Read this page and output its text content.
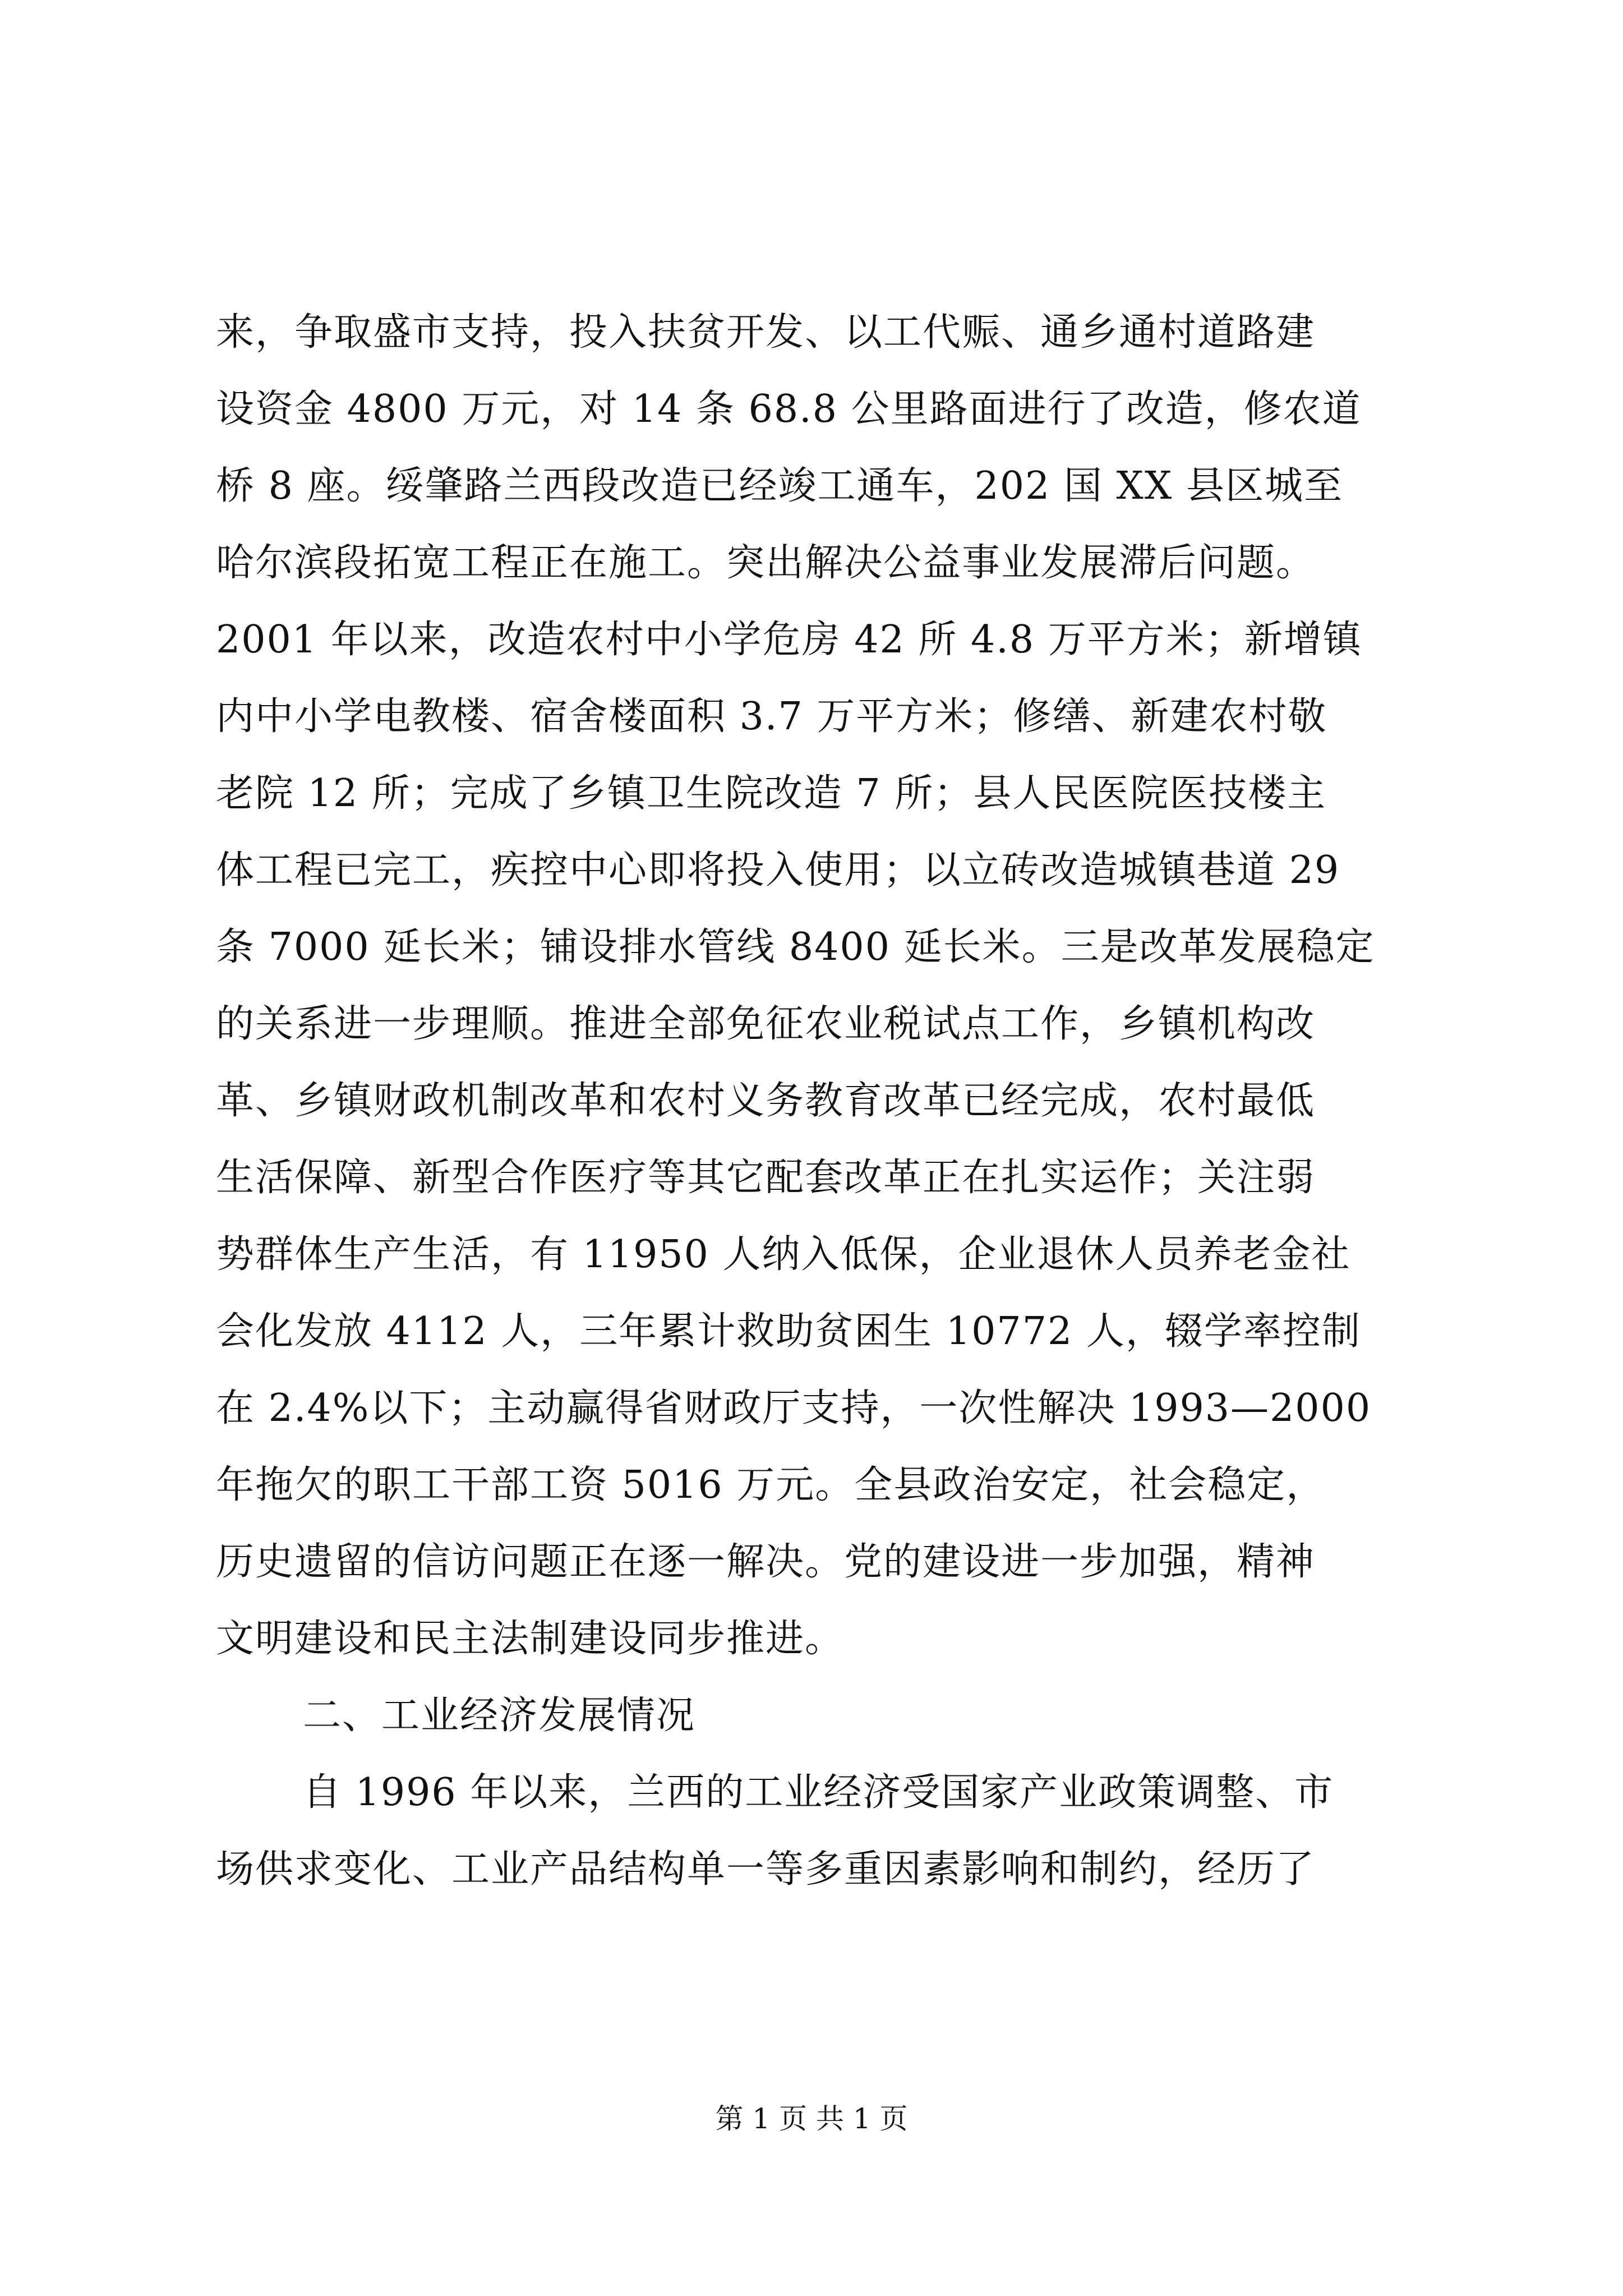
来，争取盛市支持，投入扶贫开发、以工代赈、通乡通村道路建
设资金 4800 万元，对 14 条 68.8 公里路面进行了改造，修农道
桥 8 座。绥肇路兰西段改造已经竣工通车，202 国 XX 县区城至
哈尔滨段拓宽工程正在施工。突出解决公益事业发展滞后问题。
2001 年以来，改造农村中小学危房 42 所 4.8 万平方米；新增镇
内中小学电教楼、宿舍楼面积 3.7 万平方米；修缮、新建农村敬
老院 12 所；完成了乡镇卫生院改造 7 所；县人民医院医技楼主
体工程已完工，疾控中心即将投入使用；以立砖改造城镇巷道 29
条 7000 延长米；铺设排水管线 8400 延长米。三是改革发展稳定
的关系进一步理顺。推进全部免征农业税试点工作，乡镇机构改
革、乡镇财政机制改革和农村义务教育改革已经完成，农村最低
生活保障、新型合作医疗等其它配套改革正在扎实运作；关注弱
势群体生产生活，有 11950 人纳入低保，企业退休人员养老金社
会化发放 4112 人，三年累计救助贫困生 10772 人，辍学率控制
在 2.4%以下；主动赢得省财政厅支持，一次性解决 1993—2000
年拖欠的职工干部工资 5016 万元。全县政治安定，社会稳定，
历史遗留的信访问题正在逐一解决。党的建设进一步加强，精神
文明建设和民主法制建设同步推进。
二、工业经济发展情况
自 1996 年以来，兰西的工业经济受国家产业政策调整、市
场供求变化、工业产品结构单一等多重因素影响和制约，经历了
第 1 页 共 1 页
